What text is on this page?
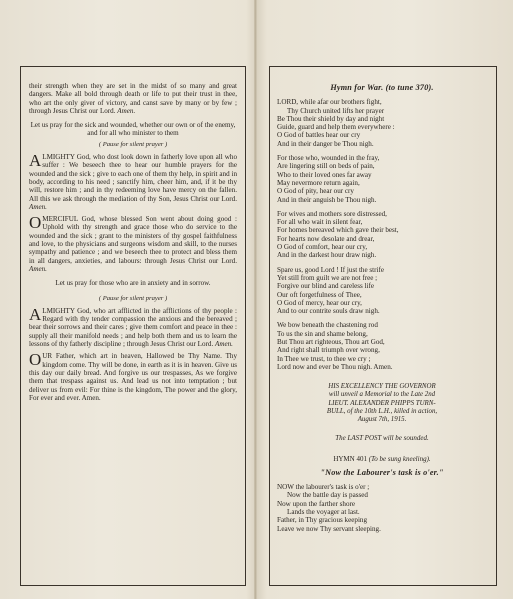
their strength when they are set in the midst of so many and great dangers. Make all bold through death or life to put their trust in thee, who art the only giver of victory, and canst save by many or by few ; through Jesus Christ our Lord. Amen.

Let us pray for the sick and wounded, whether our own or of the enemy, and for all who minister to them

( Pause for silent prayer )

ALMIGHTY God, who dost look down in fatherly love upon all who suffer : We beseech thee to hear our humble prayers for the wounded and the sick ; give to each one of them thy help, in spirit and in body, according to his need ; sanctify him, cheer him, and, if it be thy will, restore him ; and in thy redeeming love have mercy on the fallen. All this we ask through the mediation of thy Son, Jesus Christ our Lord. Amen.

OMERCIFUL God, whose blessed Son went about doing good : Uphold with thy strength and grace those who do service to the wounded and the sick ; grant to the ministers of thy gospel faithfulness and love, to the physicians and surgeons wisdom and skill, to the nurses sympathy and patience ; and we beseech thee to protect and bless them in all dangers, anxieties, and labours: through Jesus Christ our Lord. Amen.

Let us pray for those who are in anxiety and in sorrow.

( Pause for silent prayer )

ALMIGHTY God, who art afflicted in the afflictions of thy people : Regard with thy tender compassion the anxious and the bereaved ; bear their sorrows and their cares ; give them comfort and peace in thee : supply all their manifold needs ; and help both them and us to learn the lessons of thy fatherly discipline ; through Jesus Christ our Lord. Amen.

OUR Father, which art in heaven, Hallowed be Thy Name. Thy kingdom come. Thy will be done, in earth as it is in heaven. Give us this day our daily bread. And forgive us our trespasses, As we forgive them that trespass against us. And lead us not into temptation ; but deliver us from evil: For thine is the kingdom, The power and the glory, For ever and ever. Amen.

Hymn for War. (to tune 370).

LORD, while afar our brothers fight,

Thy Church united lifts her prayer

Be Thou their shield by day and night

Guide, guard and help them everywhere :

O God of battles hear our cry

And in their danger be Thou nigh.

For those who, wounded in the fray,

Are lingering still on beds of pain,

Who to their loved ones far away

May nevermore return again,

O God of pity, hear our cry

And in their anguish be Thou nigh.

For wives and mothers sore distressed,

For all who wait in silent fear,

For homes bereaved which gave their best,

For hearts now desolate and drear,

O God of comfort, hear our cry,

And in the darkest hour draw nigh.

Spare us, good Lord ! If just the strife

Yet still from guilt we are not free ;

Forgive our blind and careless life

Our oft forgetfulness of Thee,

O God of mercy, hear our cry,

And to our contrite souls draw nigh.

We bow beneath the chastening rod

To us the sin and shame belong,

But Thou art righteous, Thou art God,

And right shall triumph over wrong,

In Thee we trust, to thee we cry ;

Lord now and ever be Thou nigh. Amen.

HIS EXCELLENCY THE GOVERNOR

will unveil a Memorial to the Late 2nd

LIEUT. ALEXANDER PHIPPS TURN-

BULL, of the 10th L.H., killed in action,

August 7th, 1915.

The LAST POST will be sounded.

HYMN 401 (To be sung kneeling).

"Now the Labourer's task is o'er."

NOW the labourer's task is o'er ;

Now the battle day is passed

Now upon the farther shore

Lands the voyager at last.

Father, in Thy gracious keeping

Leave we now Thy servant sleeping.
